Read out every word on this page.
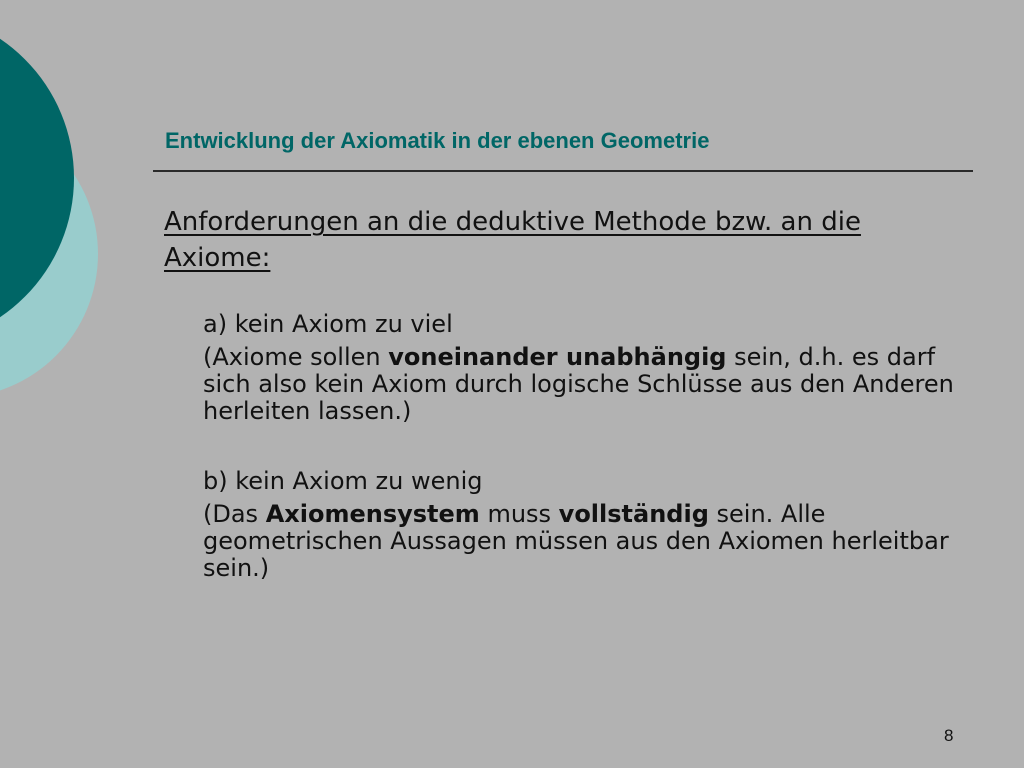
Entwicklung der Axiomatik in der ebenen Geometrie
Anforderungen an die deduktive Methode bzw. an die Axiome:
a) kein Axiom zu viel
(Axiome sollen voneinander unabhängig sein, d.h. es darf sich also kein Axiom durch logische Schlüsse aus den Anderen herleiten lassen.)
b) kein Axiom zu wenig
(Das Axiomensystem muss vollständig sein. Alle geometrischen Aussagen müssen aus den Axiomen herleitbar sein.)
8
